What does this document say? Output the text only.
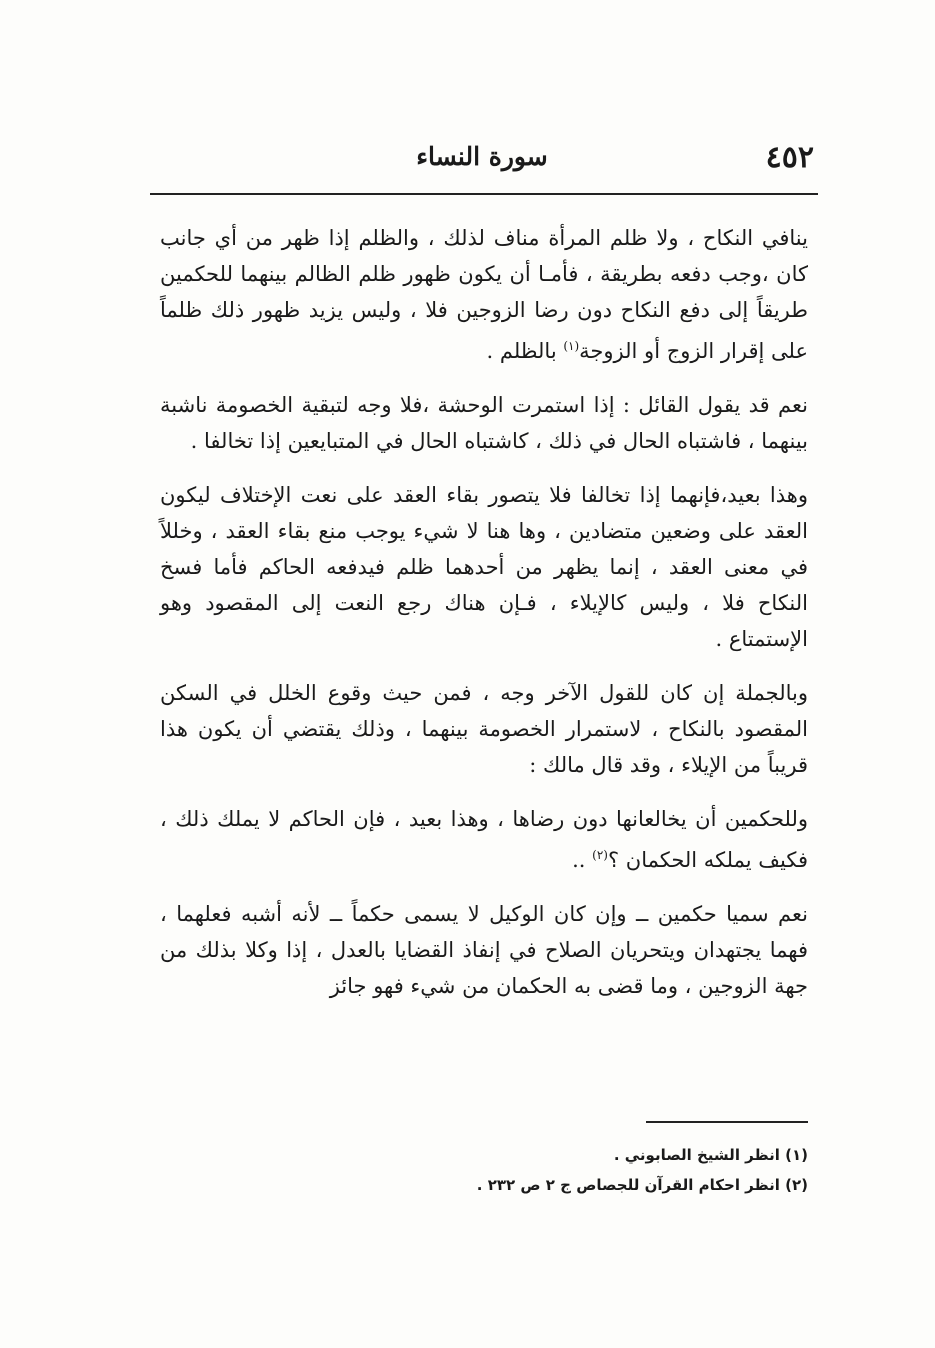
٤٥٢
سورة النساء

ينافي النكاح ، ولا ظلم المرأة مناف لذلك ، والظلم إذا ظهر من أي جانب كان ،وجب دفعه بطريقة ، فأمـا أن يكون ظهور ظلم الظالم بينهما للحكمين طريقاً إلى دفع النكاح دون رضا الزوجين فلا ، وليس يزيد ظهور ذلك ظلماً على إقرار الزوج أو الزوجة$^{(١)}$ بالظلم .

نعم قد يقول القائل : إذا استمرت الوحشة ،فلا وجه لتبقية الخصومة ناشبة بينهما ، فاشتباه الحال في ذلك ، كاشتباه الحال في المتبايعين إذا تخالفا .

وهذا بعيد،فإنهما إذا تخالفا فلا يتصور بقاء العقد على نعت الإختلاف ليكون العقد على وضعين متضادين ، وها هنا لا شيء يوجب منع بقاء العقد ، وخللاً في معنى العقد ، إنما يظهر من أحدهما ظلم فيدفعه الحاكم فأما فسخ النكاح فلا ، وليس كالإيلاء ، فـإن هناك رجع النعت إلى المقصود وهو الإستمتاع .

وبالجملة إن كان للقول الآخر وجه ، فمن حيث وقوع الخلل في السكن المقصود بالنكاح ، لاستمرار الخصومة بينهما ، وذلك يقتضي أن يكون هذا قريباً من الإيلاء ، وقد قال مالك :

وللحكمين أن يخالعانها دون رضاها ، وهذا بعيد ، فإن الحاكم لا يملك ذلك ، فكيف يملكه الحكمان ؟$^{(٢)}$ ..

نعم سميا حكمين ــ وإن كان الوكيل لا يسمى حكماً ــ لأنه أشبه فعلهما ، فهما يجتهدان ويتحريان الصلاح في إنفاذ القضايا بالعدل ، إذا وكلا بذلك من جهة الزوجين ، وما قضى به الحكمان من شيء فهو جائز

(١) انظر الشيخ الصابوني .

(٢) انظر احكام القرآن للجصاص ج ٢ ص ٢٣٢ .
